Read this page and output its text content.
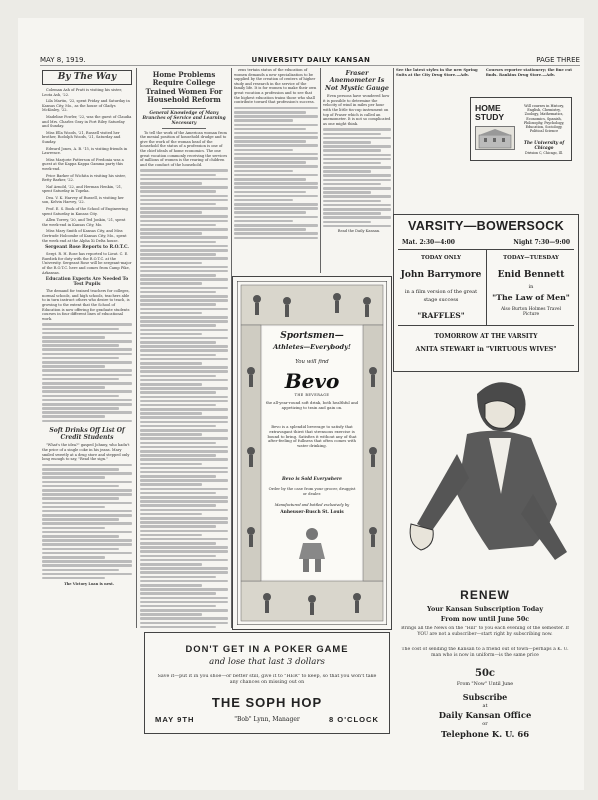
MAY 8, 1919.	UNIVERSITY DAILY KANSAN	PAGE THREE
By The Way

Coleman Ash of Pratt is visiting his sister, Leota Ash, '22.

Lila Martin, '22, spent Friday and Saturday in Kansas City, Mo., as the house of Gladys McKinley, '22.

Madeline Fowler, '22, was the guest of Claudia and Mrs. Charles Gray in Fort Riley Saturday and Sunday.

Miss Ella Woods, '21, Russell visited her brother, Rodolph Woods, '21, Saturday and Sunday.

Edward Jones, A. B. '15, is visiting friends in Lawrence.

Miss Marjorie Patterson of Fredonia was a guest at the Kappa Kappa Gamma party this week-end.

Price Barker of Wichita is visiting his sister, Betty Barker, '22.

Naf Arnold, '22, and Herman Henkin, '21, spent Saturday in Topeka.

Dea. V. K. Harvey of Russell, is visiting her son, Kelvin Harvey, '22.

Prof. E. S. Book of the School of Engineering spent Saturday in Kansas City.

Allen Torrey, '20, and Ted Jonkin, '21, spent the week-end in Kansas City, Mo.

Miss Mary Smith of Kansas City, and Miss Gertrude Holcombe of Kansas City, Mo., spent the week end at the Alpha Xi Delta house.

Sergeant Rose Reports to R.O.T.C.

Sergt. R. H. Rose has reported to Lieut. C. E. Ruediek for duty with the R.O.T.C. at the University. Sergeant Rose will be sergeant-major of the R.O.T.C. here and comes from Camp Pike, Arkansas.

Education Experts Are Needed To Test Pupils

The demand for trained teachers for colleges, normal schools, and high schools, teachers able to in turn instruct others who desire to teach, is growing to the extent that the School of Education is now offering for graduate students courses in four different lines of educational work.

Soft Drinks Off List Of Credit Students

"What's the idea?" gasped Johnny, who hadn't the price of a single coke in his jeans. Mary smiled sweetly at a drug store and stepped only long enough to say, "Read the sign."

The Victory Loan is next.

Home Problems Require College Trained Women For Household Reform
General Knowledge of Many Branches of Service and Learning Necessary

To tell the work of the American woman from the menial position of household drudge and to give the work of the woman head of the household the status of a profession is one of the chief ideals of home economics. The one great vocation commonly receiving the services of millions of women is the rearing of children and the conduct of the household.

zens tertain status of the education of women demands a new specialization to be supplied by the creation of centers of higher study and research in the service of the family life. It is for women to make their own great vocation a profession and to see that the highest education trains those who shall contribute toward that profession's success.

Fraser Anemometer Is Not Mystic Gauge

Even persons have wondered how it is possible to determine the velocity of wind in miles per hour with the little tin-cup instrument on top of Fraser which is called an anemometer. It is not so complicated as one might think.

Read the Daily Kansan.

See the latest styles in the new Spring Suits at the City Drug Store.—Adv.
Courses reporter stationery; the fine cut finds. Rankins Drug Store.—Adv.
HOME STUDY
Will courses in History, English, Chemistry, Zoology, Mathematics, Economics, Spanish, Philosophy, Psychology, Education, Sociology, Political Science
The University of Chicago
Division C, Chicago, Ill.
VARSITY—BOWERSOCK
Mat. 2:30—4:00	Night 7:30—9:00
TODAY ONLY
John Barrymore
in a film version of the great
stage success
"RAFFLES"
TODAY—TUESDAY
Enid Bennett
in
"The Law of Men"
Also Burton Holmes Travel Picture
TOMORROW AT THE VARSITY
ANITA STEWART in "VIRTUOUS WIVES"
Sportsmen—
Athletes—Everybody!
You will find
Bevo
THE BEVERAGE
the all-year-round soft drink, both healthful and appetizing to train and gain on.
Bevo is a splendid beverage to satisfy that extravagant thirst that strenuous exercise is bound to bring. Satisfies it without any of that after-feeling of fullness that often comes with water drinking.
Bevo is Sold Everywhere
Order by the case from your grocer, druggist or dealer.
Manufactured and bottled exclusively by
Anheuser-Busch St. Louis
RENEW
Your Kansan Subscription Today
From now until June 50c
Brings all the News on the "Hill" to you each evening of the semester. If YOU are not a subscriber—start right by subscribing now.
The cost of sending the Kansan to a friend out of town—perhaps a K. U. man who is now in uniform—is the same price
50c
From "Now" Until June
Subscribe
at
Daily Kansan Office
or
Telephone K. U. 66
DON'T GET IN A POKER GAME
and lose that last 3 dollars
Save it—put it in you shoe—or better still, give it to "HER" to keep, so that you won't take any chances on missing out on
THE SOPH HOP
MAY 9TH	"Bob" Lynn, Manager	8 O'CLOCK
